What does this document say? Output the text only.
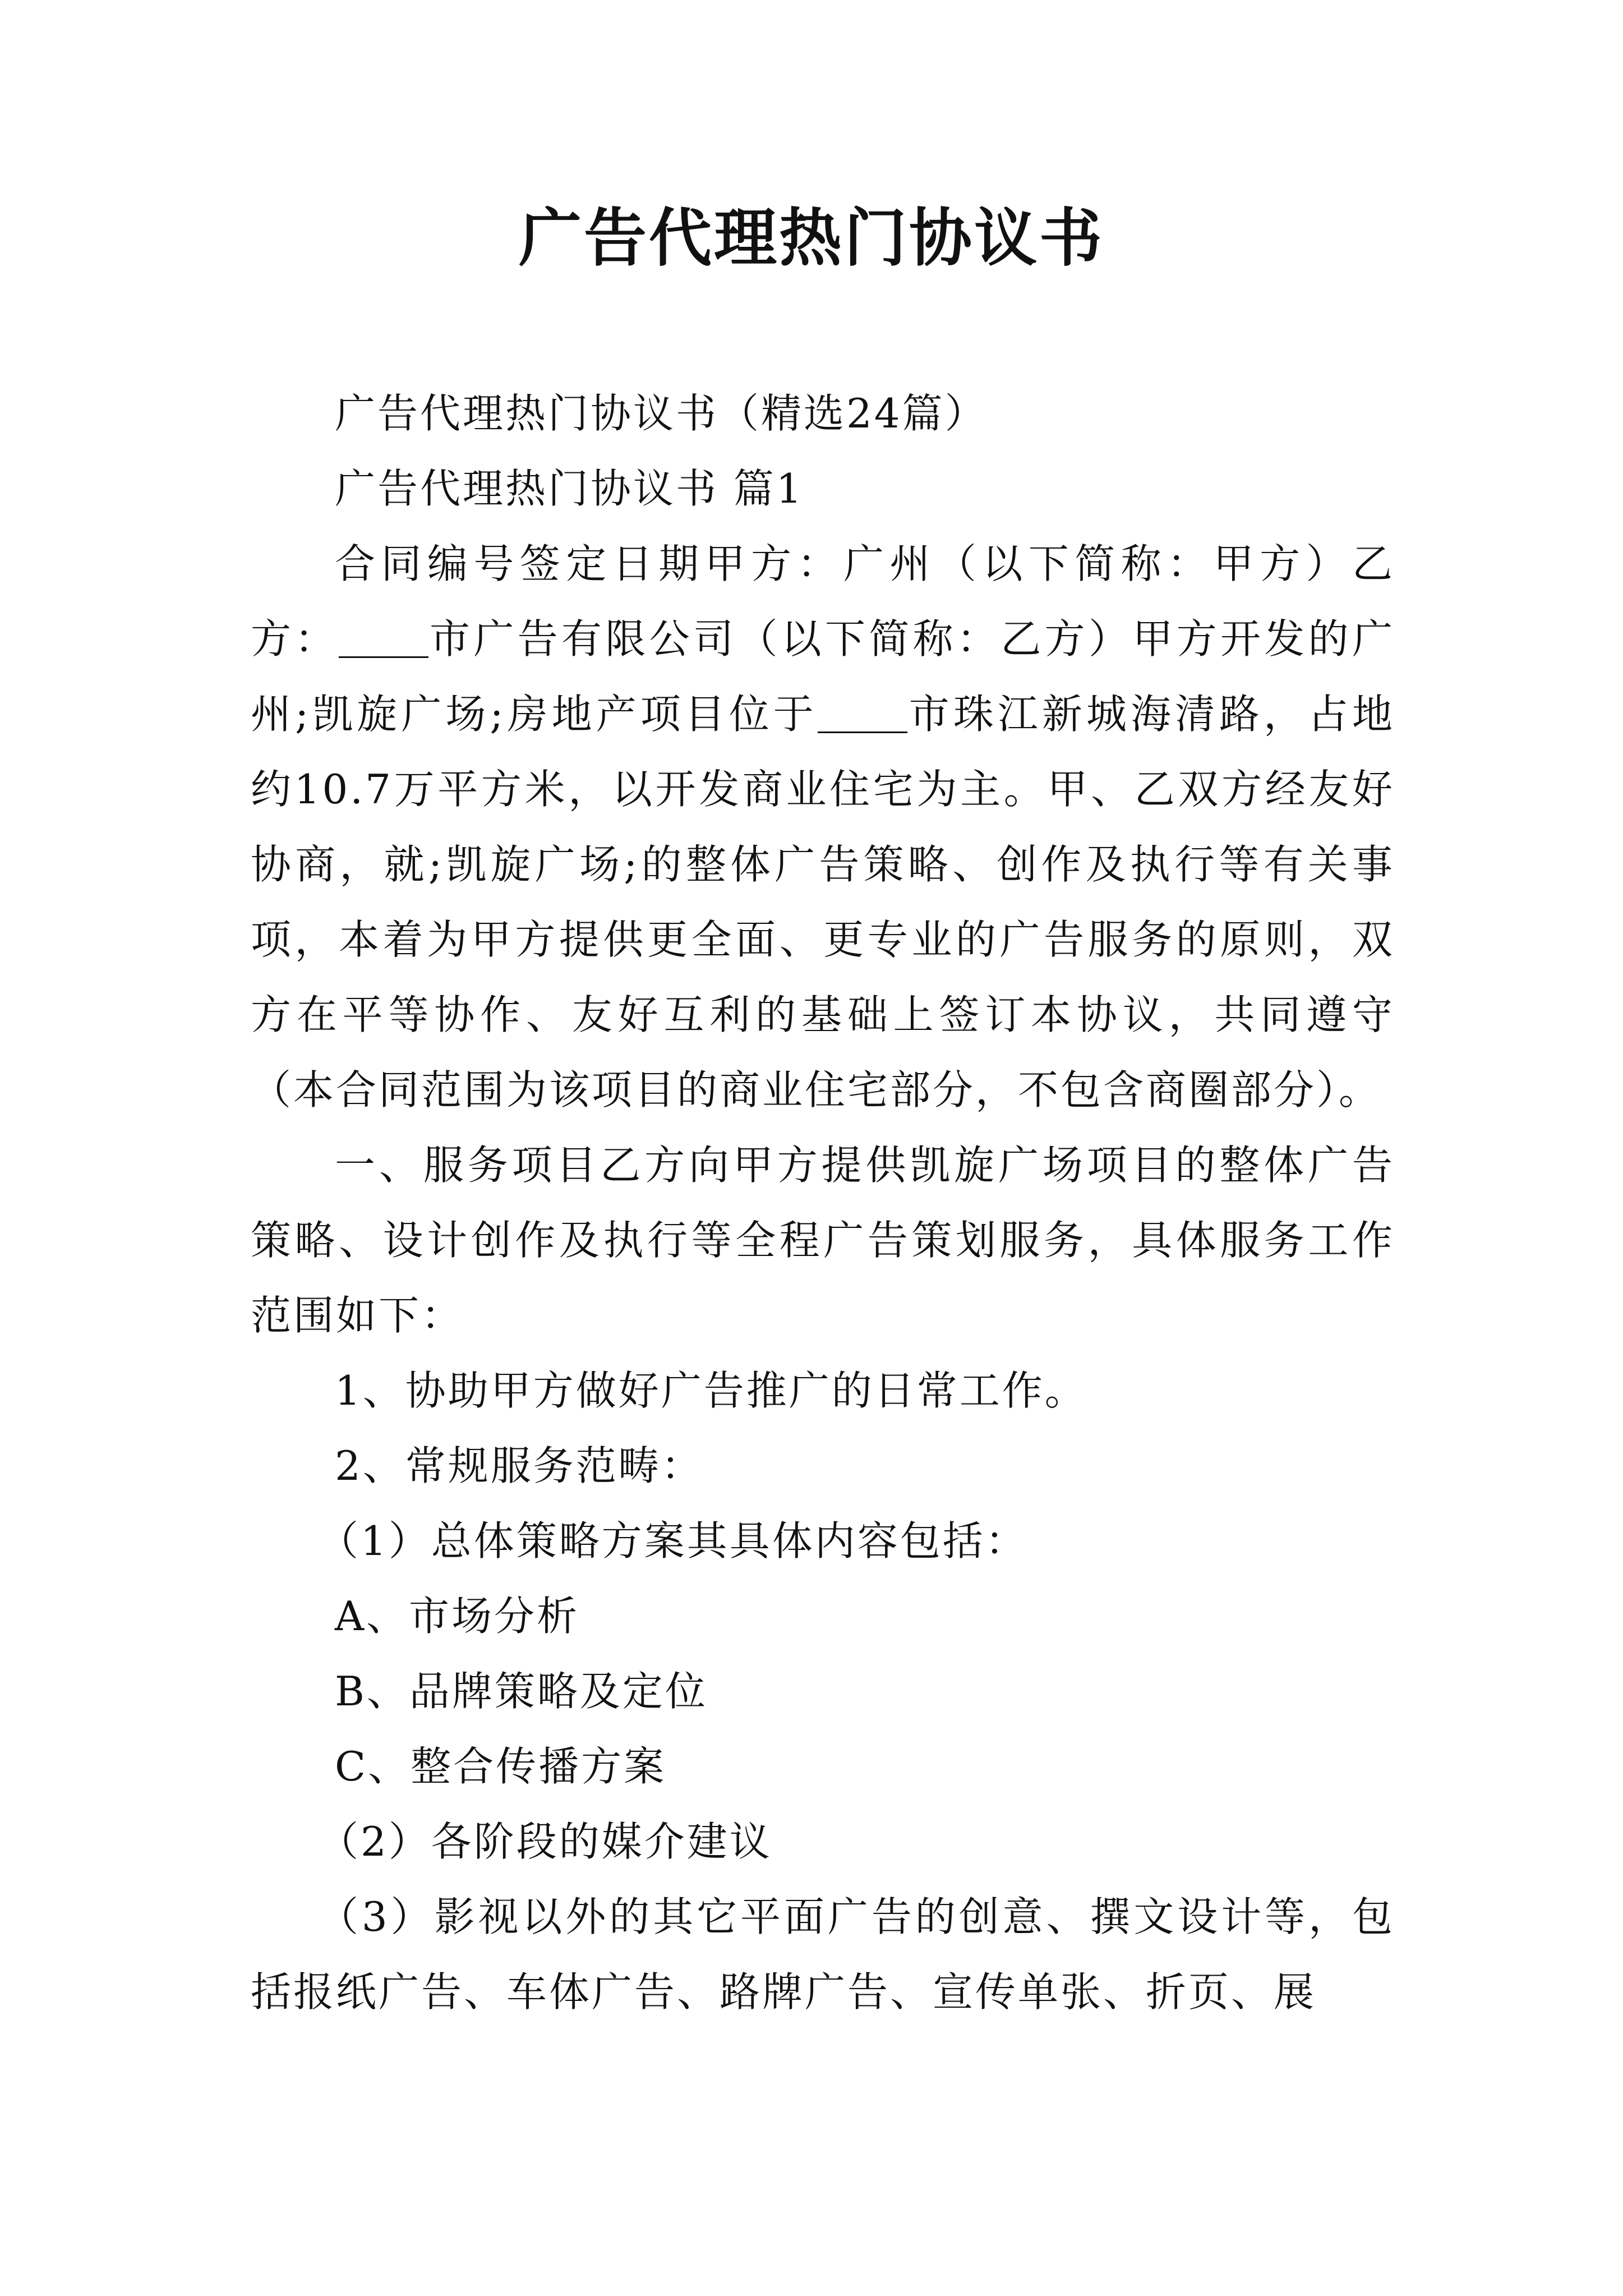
广告代理热门协议书

广告代理热门协议书（精选24篇）

广告代理热门协议书 篇1

合同编号签定日期甲方：广州（以下简称：甲方）乙方： 市广告有限公司（以下简称：乙方）甲方开发的广州;凯旋广场;房地产项目位于 市珠江新城海清路，占地约10.7万平方米，以开发商业住宅为主。甲、乙双方经友好协商，就;凯旋广场;的整体广告策略、创作及执行等有关事项，本着为甲方提供更全面、更专业的广告服务的原则，双方在平等协作、友好互利的基础上签订本协议，共同遵守（本合同范围为该项目的商业住宅部分，不包含商圈部分）。

一、服务项目乙方向甲方提供凯旋广场项目的整体广告策略、设计创作及执行等全程广告策划服务，具体服务工作范围如下：

1、协助甲方做好广告推广的日常工作。

2、常规服务范畴：

（1）总体策略方案其具体内容包括：

A、市场分析

B、品牌策略及定位

C、整合传播方案

（2）各阶段的媒介建议

（3）影视以外的其它平面广告的创意、撰文设计等，包括报纸广告、车体广告、路牌广告、宣传单张、折页、展
